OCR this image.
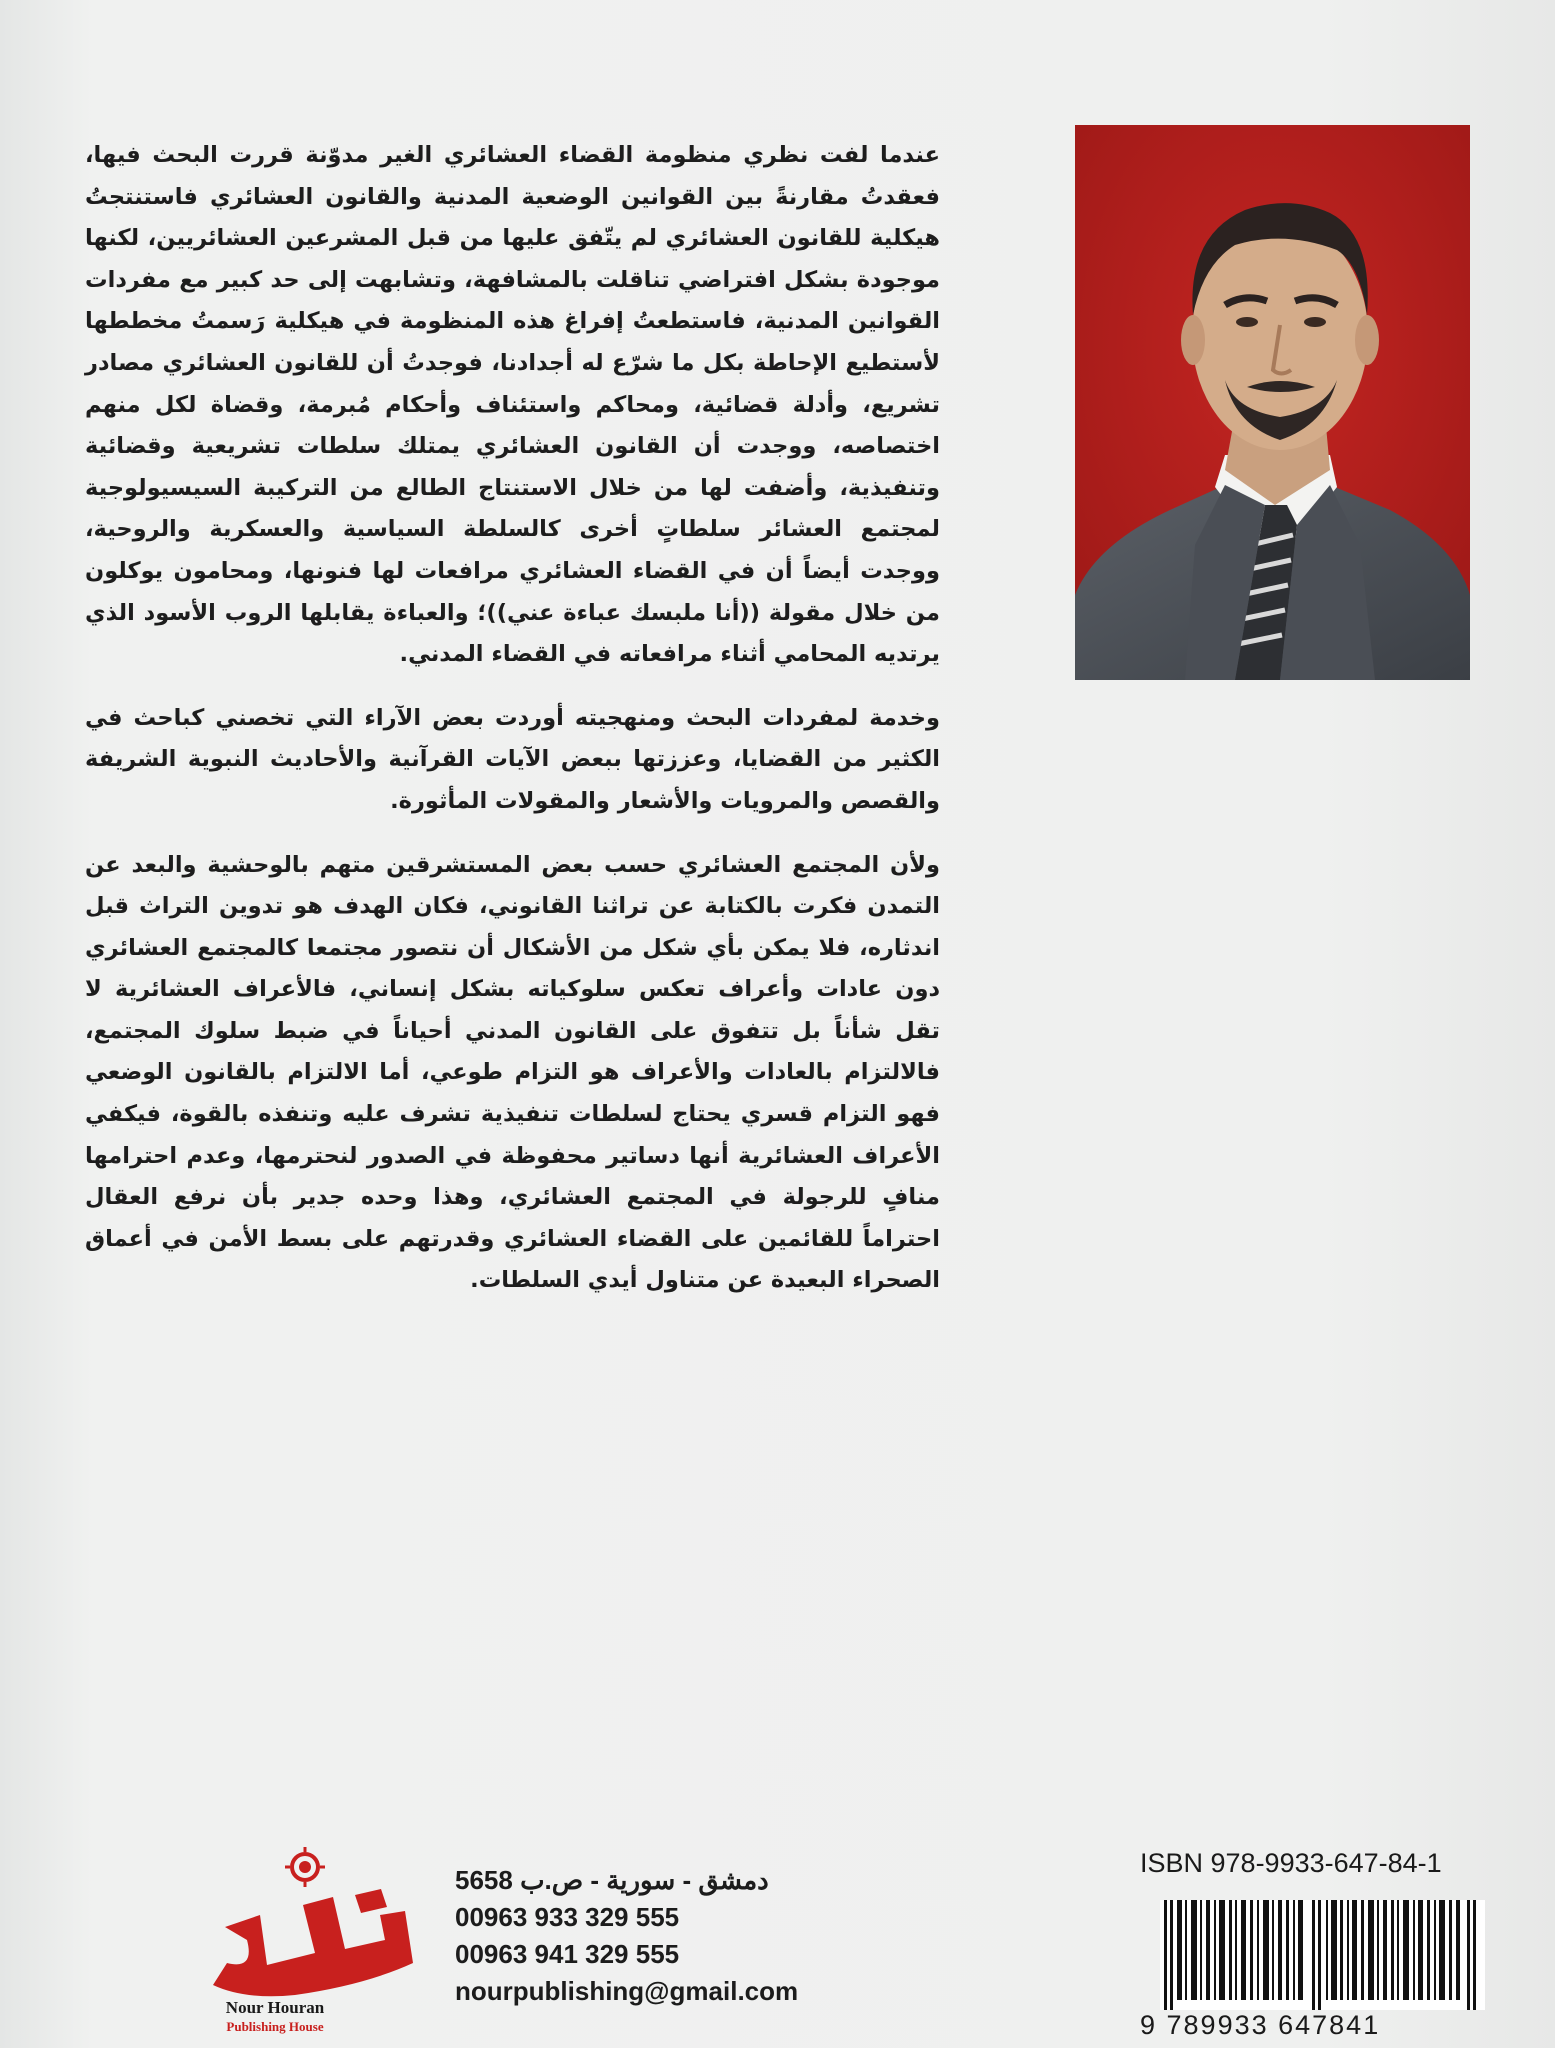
عندما لفت نظري منظومة القضاء العشائري الغير مدوّنة قررت البحث فيها، فعقدتُ مقارنةً بين القوانين الوضعية المدنية والقانون العشائري فاستنتجتُ هيكلية للقانون العشائري لم يتّفق عليها من قبل المشرعين العشائريين، لكنها موجودة بشكل افتراضي تناقلت بالمشافهة، وتشابهت إلى حد كبير مع مفردات القوانين المدنية، فاستطعتُ إفراغ هذه المنظومة في هيكلية رَسمتُ مخططها لأستطيع الإحاطة بكل ما شرّع له أجدادنا، فوجدتُ أن للقانون العشائري مصادر تشريع، وأدلة قضائية، ومحاكم واستئناف وأحكام مُبرمة، وقضاة لكل منهم اختصاصه، ووجدت أن القانون العشائري يمتلك سلطات تشريعية وقضائية وتنفيذية، وأضفت لها من خلال الاستنتاج الطالع من التركيبة السيسيولوجية لمجتمع العشائر سلطاتٍ أخرى كالسلطة السياسية والعسكرية والروحية، ووجدت أيضاً أن في القضاء العشائري مرافعات لها فنونها، ومحامون يوكلون من خلال مقولة ((أنا ملبسك عباءة عني))؛ والعباءة يقابلها الروب الأسود الذي يرتديه المحامي أثناء مرافعاته في القضاء المدني.

وخدمة لمفردات البحث ومنهجيته أوردت بعض الآراء التي تخصني كباحث في الكثير من القضايا، وعززتها ببعض الآيات القرآنية والأحاديث النبوية الشريفة والقصص والمرويات والأشعار والمقولات المأثورة.

ولأن المجتمع العشائري حسب بعض المستشرقين متهم بالوحشية والبعد عن التمدن فكرت بالكتابة عن تراثنا القانوني، فكان الهدف هو تدوين التراث قبل اندثاره، فلا يمكن بأي شكل من الأشكال أن نتصور مجتمعا كالمجتمع العشائري دون عادات وأعراف تعكس سلوكياته بشكل إنساني، فالأعراف العشائرية لا تقل شأناً بل تتفوق على القانون المدني أحياناً في ضبط سلوك المجتمع، فالالتزام بالعادات والأعراف هو التزام طوعي، أما الالتزام بالقانون الوضعي فهو التزام قسري يحتاج لسلطات تنفيذية تشرف عليه وتنفذه بالقوة، فيكفي الأعراف العشائرية أنها دساتير محفوظة في الصدور لنحترمها، وعدم احترامها منافٍ للرجولة في المجتمع العشائري، وهذا وحده جدير بأن نرفع العقال احتراماً للقائمين على القضاء العشائري وقدرتهم على بسط الأمن في أعماق الصحراء البعيدة عن متناول أيدي السلطات.

Nour Houran
Publishing House
دمشق - سورية - ص.ب 5658
00963 933 329 555
00963 941 329 555
nourpublishing@gmail.com
ISBN 978-9933-647-84-1
9 789933 647841
